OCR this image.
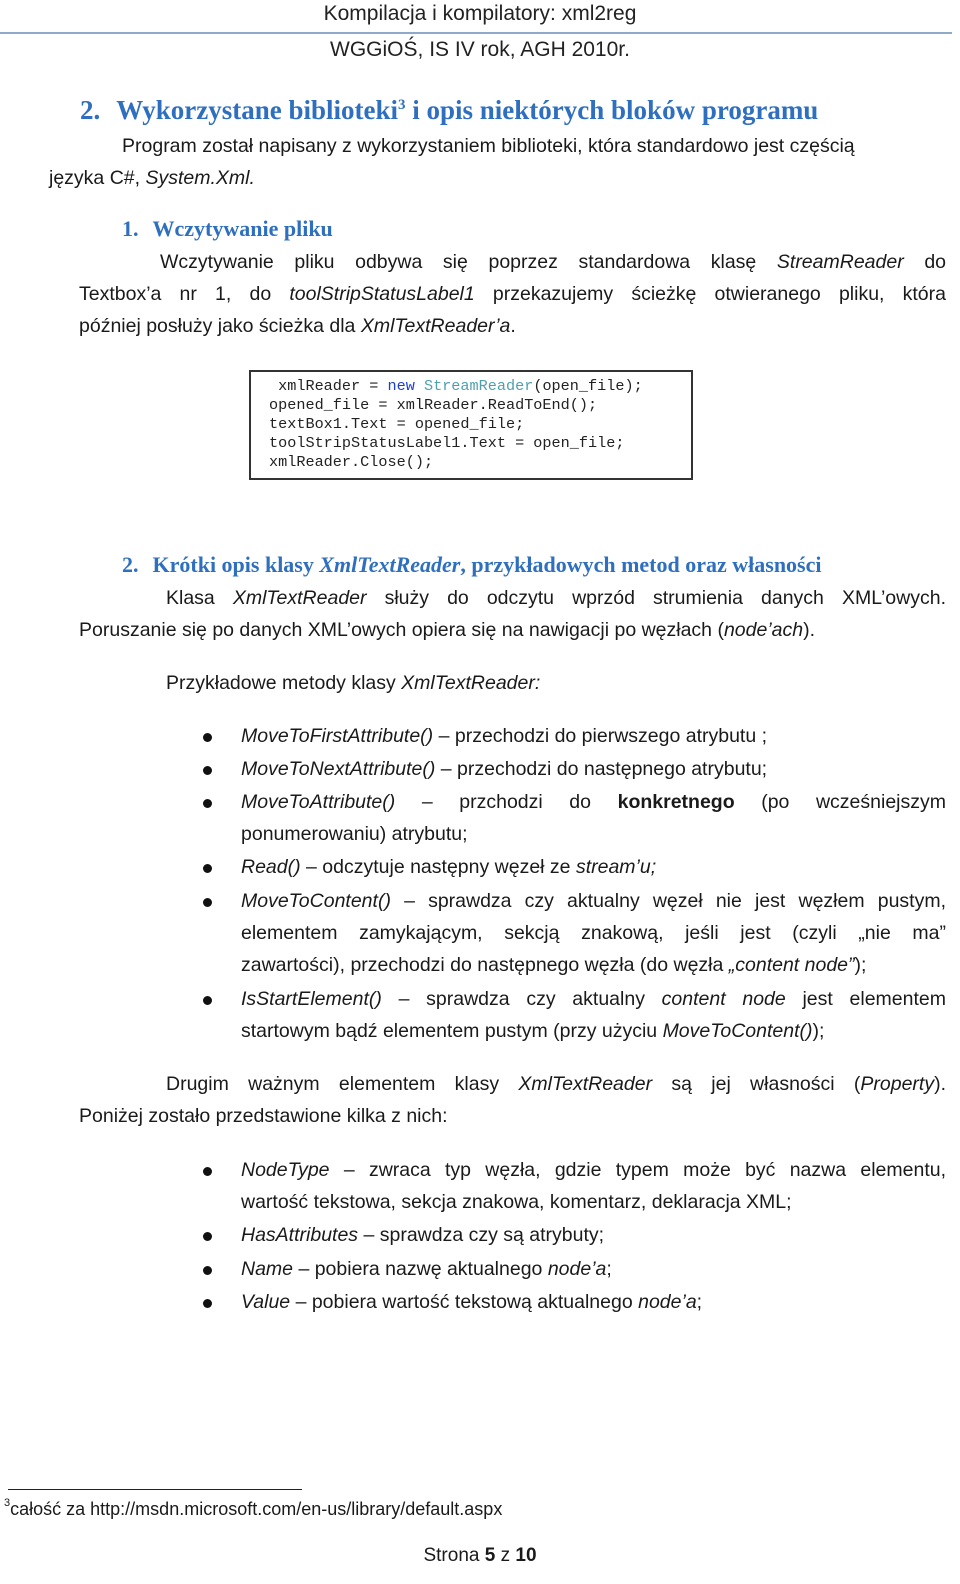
Kompilacja i kompilatory: xml2reg
WGGiOŚ, IS IV rok, AGH 2010r.
2. Wykorzystane biblioteki$^3$ i opis niektórych bloków programu
Program został napisany z wykorzystaniem biblioteki, która standardowo jest częścią
języka C#, System.Xml.
1. Wczytywanie pliku
Wczytywanie pliku odbywa się poprzez standardowa klasę StreamReader do
Textbox’a nr 1, do toolStripStatusLabel1 przekazujemy ścieżkę otwieranego pliku, która
później posłuży jako ścieżka dla XmlTextReader’a.
xmlReader = new StreamReader(open_file);
opened_file = xmlReader.ReadToEnd();
textBox1.Text = opened_file;
toolStripStatusLabel1.Text = open_file;
xmlReader.Close();
2. Krótki opis klasy XmlTextReader, przykładowych metod oraz własności
Klasa XmlTextReader służy do odczytu wprzód strumienia danych XML’owych.
Poruszanie się po danych XML’owych opiera się na nawigacji po węzłach (node’ach).
Przykładowe metody klasy XmlTextReader:
MoveToFirstAttribute() – przechodzi do pierwszego atrybutu ;
MoveToNextAttribute() – przechodzi do następnego atrybutu;
MoveToAttribute() – przchodzi do konkretnego (po wcześniejszym
ponumerowaniu) atrybutu;
Read() – odczytuje następny węzeł ze stream’u;
MoveToContent() – sprawdza czy aktualny węzeł nie jest węzłem pustym,
elementem zamykającym, sekcją znakową, jeśli jest (czyli „nie ma”
zawartości), przechodzi do następnego węzła (do węzła „content node”);
IsStartElement() – sprawdza czy aktualny content node jest elementem
startowym bądź elementem pustym (przy użyciu MoveToContent());
Drugim ważnym elementem klasy XmlTextReader są jej własności (Property).
Poniżej zostało przedstawione kilka z nich:
NodeType – zwraca typ węzła, gdzie typem może być nazwa elementu,
wartość tekstowa, sekcja znakowa, komentarz, deklaracja XML;
HasAttributes – sprawdza czy są atrybuty;
Name – pobiera nazwę aktualnego node’a;
Value – pobiera wartość tekstową aktualnego node’a;
$^3$całość za http://msdn.microsoft.com/en-us/library/default.aspx
Strona 5 z 10
